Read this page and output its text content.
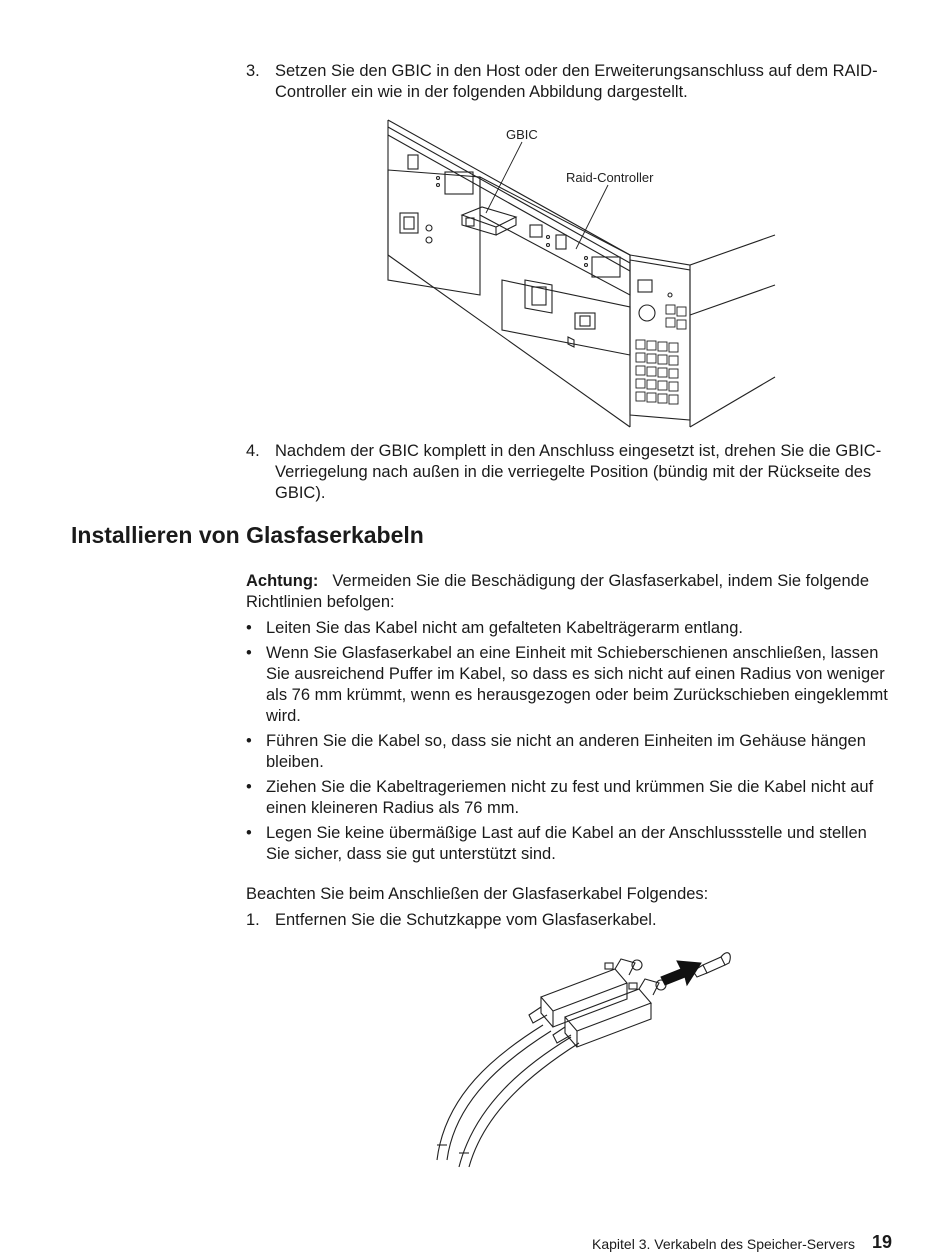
3. Setzen Sie den GBIC in den Host oder den Erweiterungsanschluss auf dem RAID-Controller ein wie in der folgenden Abbildung dargestellt.

GBIC
Raid-Controller
4. Nachdem der GBIC komplett in den Anschluss eingesetzt ist, drehen Sie die GBIC-Verriegelung nach außen in die verriegelte Position (bündig mit der Rückseite des GBIC).

Installieren von Glasfaserkabeln

Achtung: Vermeiden Sie die Beschädigung der Glasfaserkabel, indem Sie folgende Richtlinien befolgen:

• Leiten Sie das Kabel nicht am gefalteten Kabelträgerarm entlang.

• Wenn Sie Glasfaserkabel an eine Einheit mit Schieberschienen anschließen, lassen Sie ausreichend Puffer im Kabel, so dass es sich nicht auf einen Radius von weniger als 76 mm krümmt, wenn es herausgezogen oder beim Zurückschieben eingeklemmt wird.

• Führen Sie die Kabel so, dass sie nicht an anderen Einheiten im Gehäuse hängen bleiben.

• Ziehen Sie die Kabeltrageriemen nicht zu fest und krümmen Sie die Kabel nicht auf einen kleineren Radius als 76 mm.

• Legen Sie keine übermäßige Last auf die Kabel an der Anschlussstelle und stellen Sie sicher, dass sie gut unterstützt sind.

Beachten Sie beim Anschließen der Glasfaserkabel Folgendes:

1. Entfernen Sie die Schutzkappe vom Glasfaserkabel.

Kapitel 3. Verkabeln des Speicher-Servers 19
